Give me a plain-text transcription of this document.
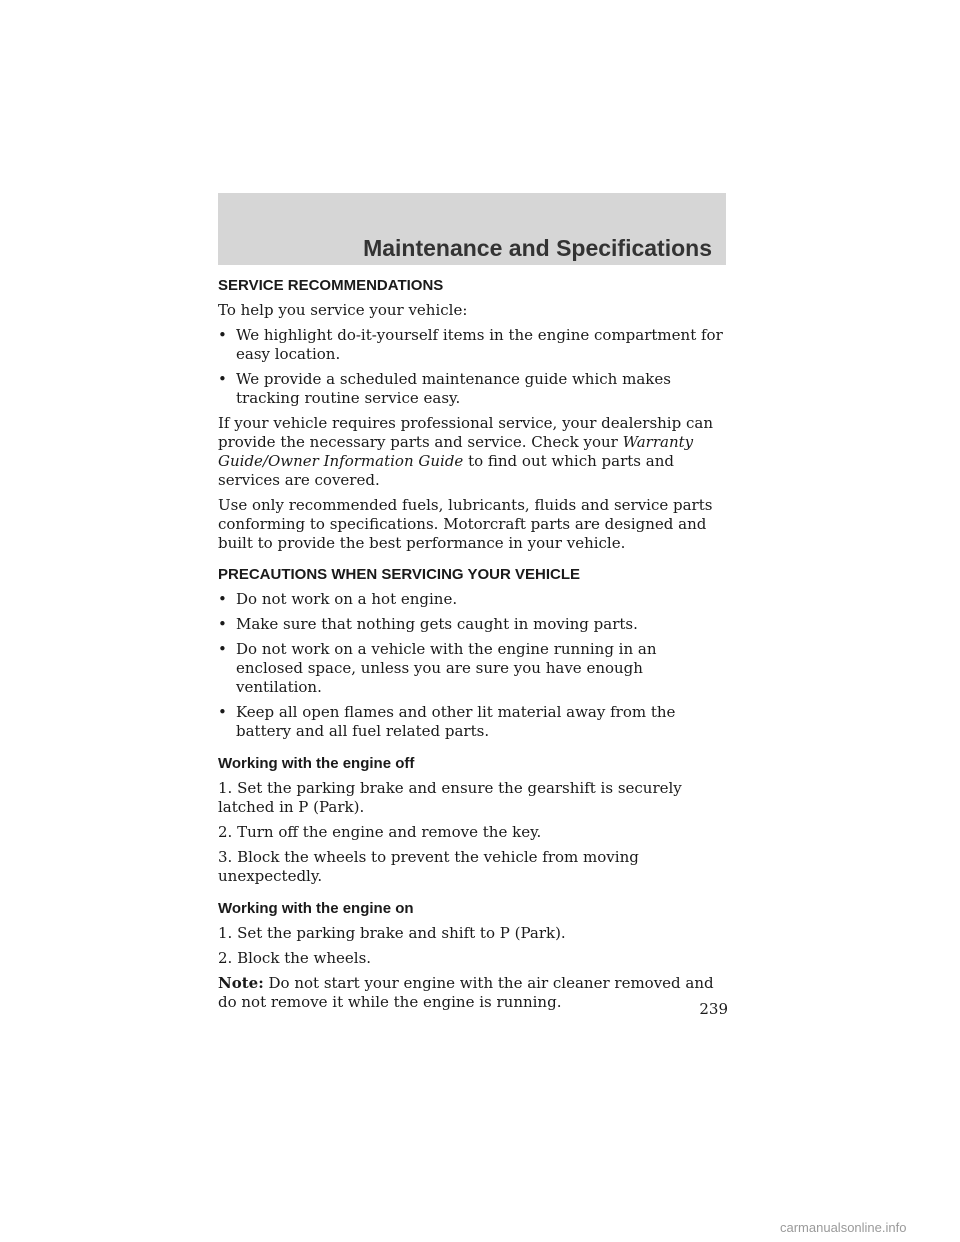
Maintenance and Specifications
SERVICE RECOMMENDATIONS

To help you service your vehicle:

• We highlight do-it-yourself items in the engine compartment for easy location.
• We provide a scheduled maintenance guide which makes tracking routine service easy.

If your vehicle requires professional service, your dealership can provide the necessary parts and service. Check your Warranty Guide/Owner Information Guide to find out which parts and services are covered.

Use only recommended fuels, lubricants, fluids and service parts conforming to specifications. Motorcraft parts are designed and built to provide the best performance in your vehicle.

PRECAUTIONS WHEN SERVICING YOUR VEHICLE
• Do not work on a hot engine.
• Make sure that nothing gets caught in moving parts.
• Do not work on a vehicle with the engine running in an enclosed space, unless you are sure you have enough ventilation.
• Keep all open flames and other lit material away from the battery and all fuel related parts.
Working with the engine off

1. Set the parking brake and ensure the gearshift is securely latched in P (Park).

2. Turn off the engine and remove the key.

3. Block the wheels to prevent the vehicle from moving unexpectedly.

Working with the engine on

1. Set the parking brake and shift to P (Park).

2. Block the wheels.

Note: Do not start your engine with the air cleaner removed and do not remove it while the engine is running.	239
carmanualsonline.info
